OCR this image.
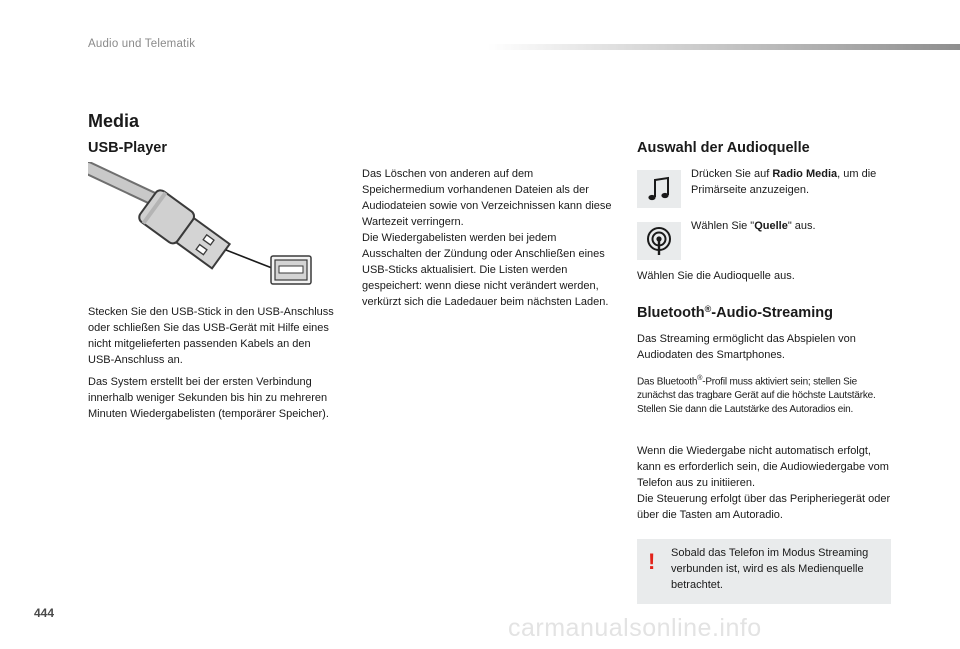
Audio und Telematik
Media
USB-Player

Stecken Sie den USB-Stick in den USB-Anschluss oder schließen Sie das USB-Gerät mit Hilfe eines nicht mitgelieferten passenden Kabels an den USB-Anschluss an.

Das System erstellt bei der ersten Verbindung innerhalb weniger Sekunden bis hin zu mehreren Minuten Wiedergabelisten (temporärer Speicher).

Das Löschen von anderen auf dem Speichermedium vorhandenen Dateien als der Audiodateien sowie von Verzeichnissen kann diese Wartezeit verringern.
Die Wiedergabelisten werden bei jedem Ausschalten der Zündung oder Anschließen eines USB-Sticks aktualisiert. Die Listen werden gespeichert: wenn diese nicht verändert werden, verkürzt sich die Ladedauer beim nächsten Laden.

Auswahl der Audioquelle

Drücken Sie auf Radio Media, um die Primärseite anzuzeigen.

Wählen Sie "Quelle" aus.

Wählen Sie die Audioquelle aus.

Bluetooth®-Audio-Streaming

Das Streaming ermöglicht das Abspielen von Audiodaten des Smartphones.

Das Bluetooth®-Profil muss aktiviert sein; stellen Sie zunächst das tragbare Gerät auf die höchste Lautstärke.

Stellen Sie dann die Lautstärke des Autoradios ein.

Wenn die Wiedergabe nicht automatisch erfolgt, kann es erforderlich sein, die Audiowiedergabe vom Telefon aus zu initiieren.
Die Steuerung erfolgt über das Peripheriegerät oder über die Tasten am Autoradio.

! Sobald das Telefon im Modus Streaming verbunden ist, wird es als Medienquelle betrachtet.

444
carmanualsonline.info
